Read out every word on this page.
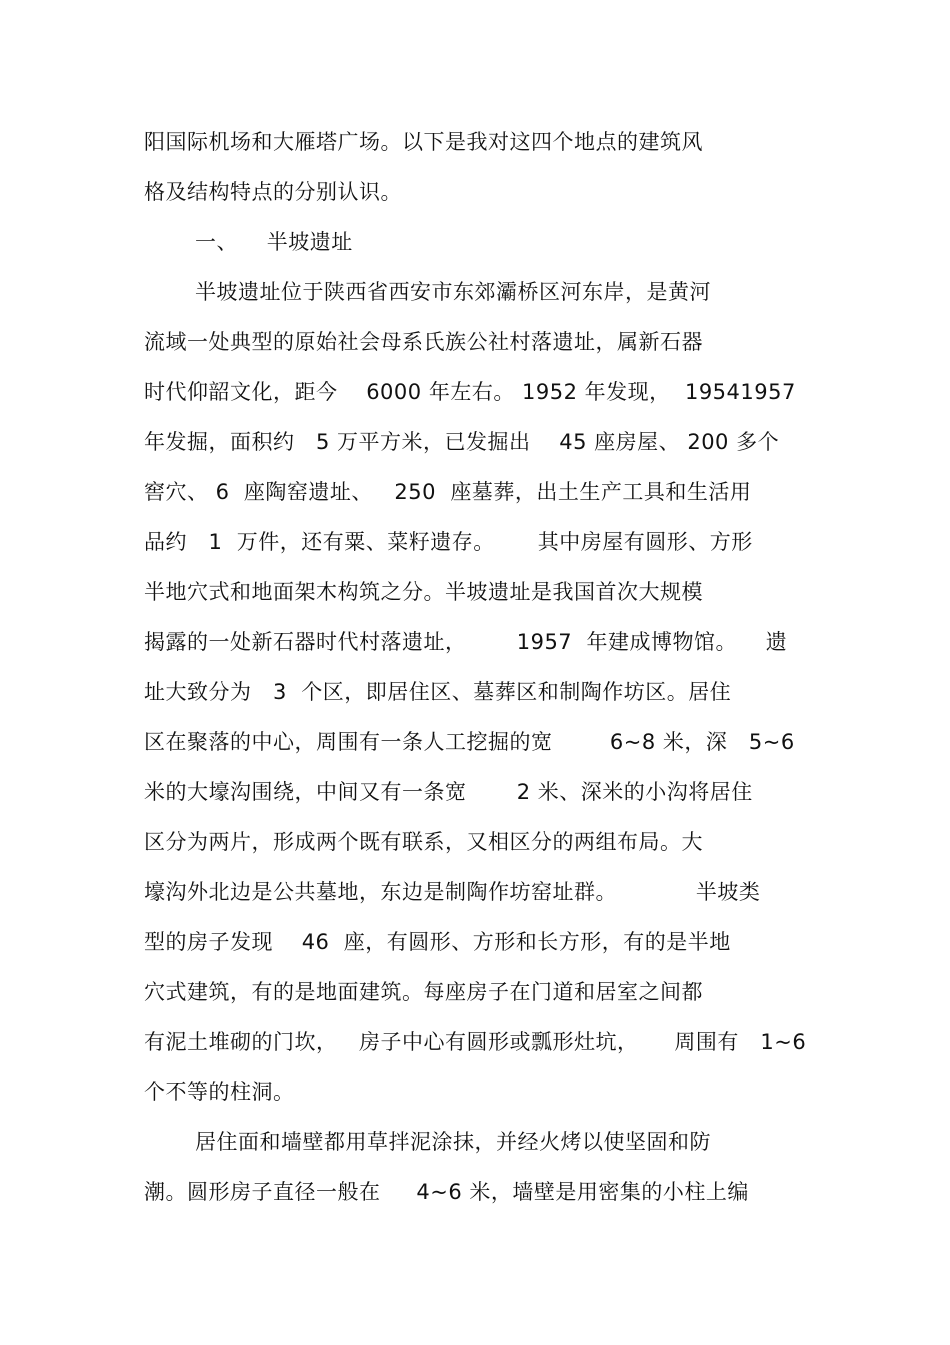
阳国际机场和大雁塔广场。以下是我对这四个地点的建筑风
格及结构特点的分别认识。
一、    半坡遗址
半坡遗址位于陕西省西安市东郊灞桥区河东岸，是黄河
流域一处典型的原始社会母系氏族公社村落遗址，属新石器
时代仰韶文化，距今    6000 年左右。 1952 年发现，  19541957
年发掘，面积约   5 万平方米，已发掘出    45 座房屋、 200 多个
窖穴、 6  座陶窑遗址、   250  座墓葬，出土生产工具和生活用
品约   1  万件，还有粟、菜籽遗存。      其中房屋有圆形、方形
半地穴式和地面架木构筑之分。半坡遗址是我国首次大规模
揭露的一处新石器时代村落遗址，       1957  年建成博物馆。    遗
址大致分为   3  个区，即居住区、墓葬区和制陶作坊区。居住
区在聚落的中心，周围有一条人工挖掘的宽        6~8 米，深   5~6
米的大壕沟围绕，中间又有一条宽       2 米、深米的小沟将居住
区分为两片，形成两个既有联系，又相区分的两组布局。大
壕沟外北边是公共墓地，东边是制陶作坊窑址群。           半坡类
型的房子发现    46  座，有圆形、方形和长方形，有的是半地
穴式建筑，有的是地面建筑。每座房子在门道和居室之间都
有泥土堆砌的门坎，   房子中心有圆形或瓢形灶坑，     周围有   1~6
个不等的柱洞。
居住面和墙壁都用草拌泥涂抹，并经火烤以使坚固和防
潮。圆形房子直径一般在     4~6 米，墙壁是用密集的小柱上编
